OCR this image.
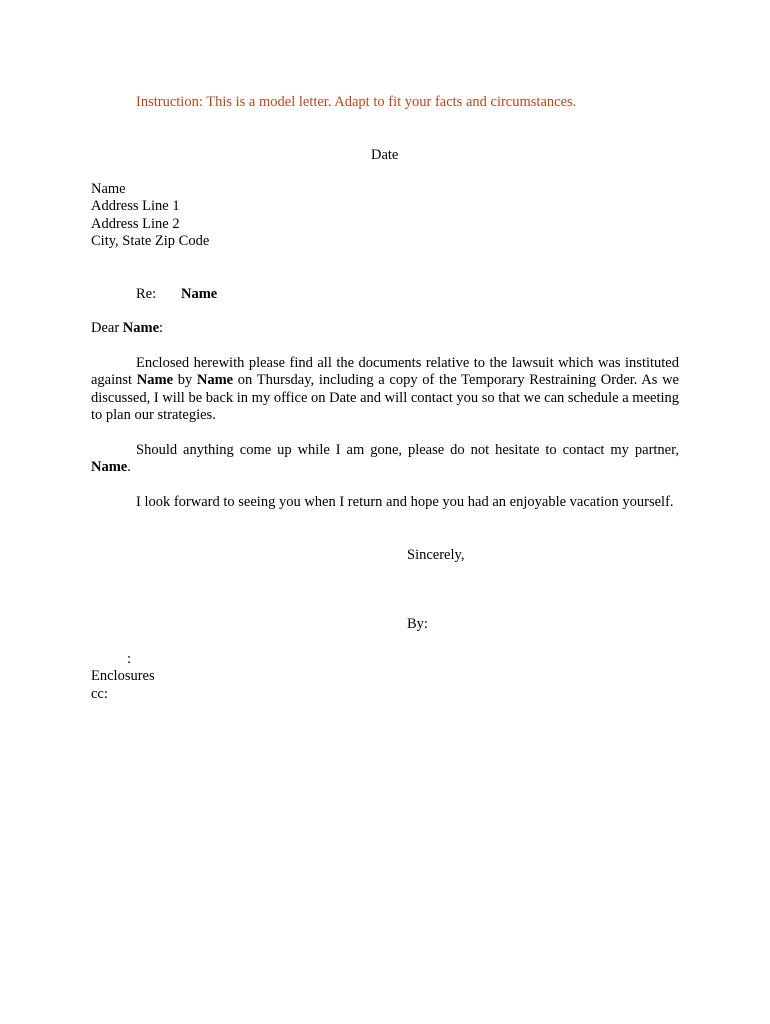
Instruction: This is a model letter. Adapt to fit your facts and circumstances.
Date
Name
Address Line 1
Address Line 2
City, State Zip Code
Re: Name
Dear Name:
Enclosed herewith please find all the documents relative to the lawsuit which was instituted against Name by Name on Thursday, including a copy of the Temporary Restraining Order. As we discussed, I will be back in my office on Date and will contact you so that we can schedule a meeting to plan our strategies.
Should anything come up while I am gone, please do not hesitate to contact my partner, Name.
I look forward to seeing you when I return and hope you had an enjoyable vacation yourself.
Sincerely,
By:
:
Enclosures
cc:
